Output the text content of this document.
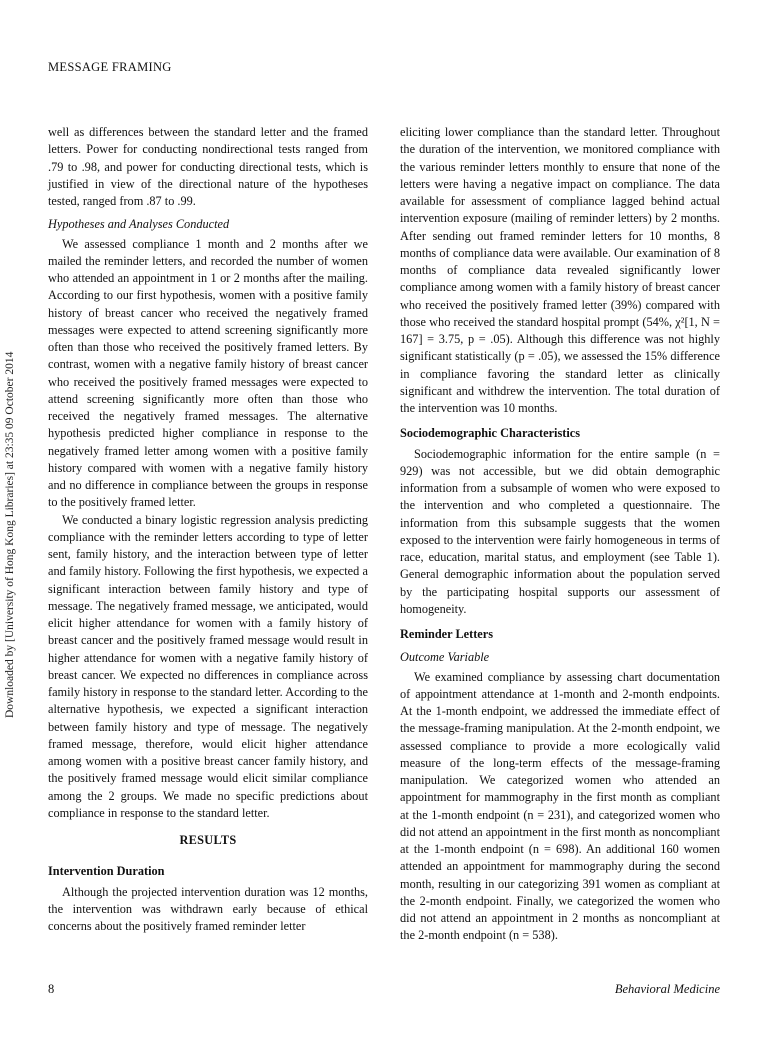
MESSAGE FRAMING
Downloaded by [University of Hong Kong Libraries] at 23:35 09 October 2014

well as differences between the standard letter and the framed letters. Power for conducting nondirectional tests ranged from .79 to .98, and power for conducting directional tests, which is justified in view of the directional nature of the hypotheses tested, ranged from .87 to .99.

Hypotheses and Analyses Conducted

We assessed compliance 1 month and 2 months after we mailed the reminder letters, and recorded the number of women who attended an appointment in 1 or 2 months after the mailing. According to our first hypothesis, women with a positive family history of breast cancer who received the negatively framed messages were expected to attend screening significantly more often than those who received the positively framed letters. By contrast, women with a negative family history of breast cancer who received the positively framed messages were expected to attend screening significantly more often than those who received the negatively framed messages. The alternative hypothesis predicted higher compliance in response to the negatively framed letter among women with a positive family history compared with women with a negative family history and no difference in compliance between the groups in response to the positively framed letter.

We conducted a binary logistic regression analysis predicting compliance with the reminder letters according to type of letter sent, family history, and the interaction between type of letter and family history. Following the first hypothesis, we expected a significant interaction between family history and type of message. The negatively framed message, we anticipated, would elicit higher attendance for women with a family history of breast cancer and the positively framed message would result in higher attendance for women with a negative family history of breast cancer. We expected no differences in compliance across family history in response to the standard letter. According to the alternative hypothesis, we expected a significant interaction between family history and type of message. The negatively framed message, therefore, would elicit higher attendance among women with a positive breast cancer family history, and the positively framed message would elicit similar compliance among the 2 groups. We made no specific predictions about compliance in response to the standard letter.

RESULTS
Intervention Duration

Although the projected intervention duration was 12 months, the intervention was withdrawn early because of ethical concerns about the positively framed reminder letter

eliciting lower compliance than the standard letter. Throughout the duration of the intervention, we monitored compliance with the various reminder letters monthly to ensure that none of the letters were having a negative impact on compliance. The data available for assessment of compliance lagged behind actual intervention exposure (mailing of reminder letters) by 2 months. After sending out framed reminder letters for 10 months, 8 months of compliance data were available. Our examination of 8 months of compliance data revealed significantly lower compliance among women with a family history of breast cancer who received the positively framed letter (39%) compared with those who received the standard hospital prompt (54%, χ²[1, N = 167] = 3.75, p = .05). Although this difference was not highly significant statistically (p = .05), we assessed the 15% difference in compliance favoring the standard letter as clinically significant and withdrew the intervention. The total duration of the intervention was 10 months.

Sociodemographic Characteristics

Sociodemographic information for the entire sample (n = 929) was not accessible, but we did obtain demographic information from a subsample of women who were exposed to the intervention and who completed a questionnaire. The information from this subsample suggests that the women exposed to the intervention were fairly homogeneous in terms of race, education, marital status, and employment (see Table 1). General demographic information about the population served by the participating hospital supports our assessment of homogeneity.

Reminder Letters
Outcome Variable

We examined compliance by assessing chart documentation of appointment attendance at 1-month and 2-month endpoints. At the 1-month endpoint, we addressed the immediate effect of the message-framing manipulation. At the 2-month endpoint, we assessed compliance to provide a more ecologically valid measure of the long-term effects of the message-framing manipulation. We categorized women who attended an appointment for mammography in the first month as compliant at the 1-month endpoint (n = 231), and categorized women who did not attend an appointment in the first month as noncompliant at the 1-month endpoint (n = 698). An additional 160 women attended an appointment for mammography during the second month, resulting in our categorizing 391 women as compliant at the 2-month endpoint. Finally, we categorized the women who did not attend an appointment in 2 months as noncompliant at the 2-month endpoint (n = 538).

8	Behavioral Medicine
